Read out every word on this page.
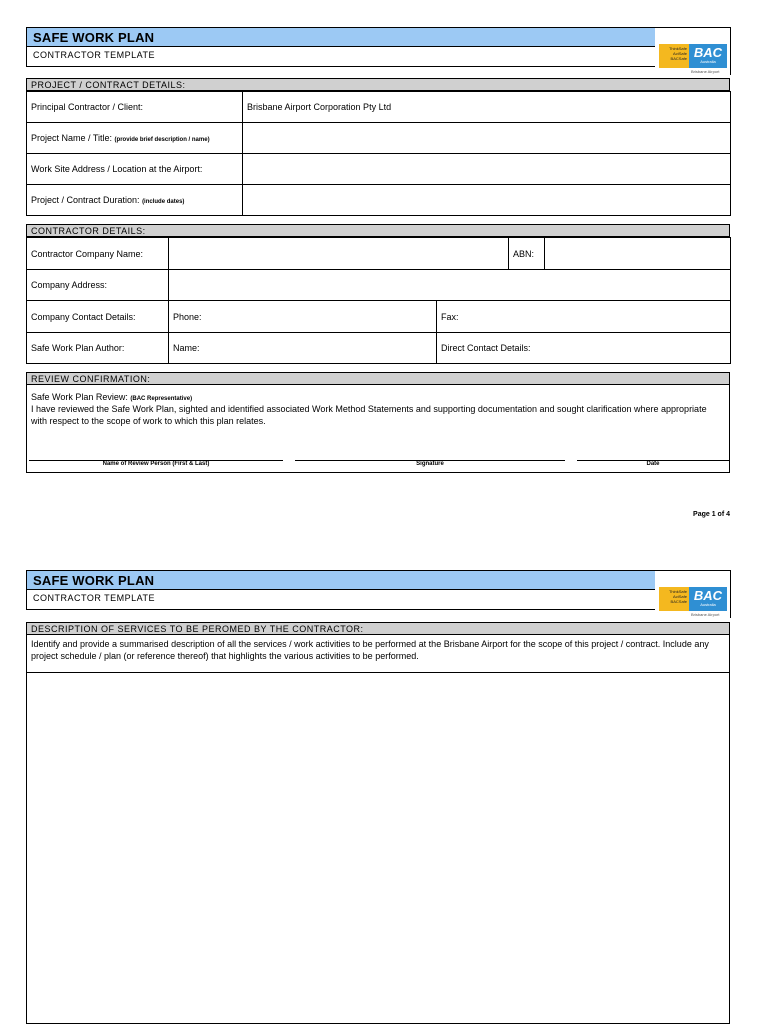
SAFE WORK PLAN
CONTRACTOR TEMPLATE
ThinkSafe
ActSafe
BACSafe BAC
Australia
Brisbane Airport
PROJECT / CONTRACT DETAILS:
Principal Contractor / Client:	Brisbane Airport Corporation Pty Ltd
Project Name / Title: (provide brief description / name)	
Work Site Address / Location at the Airport:	
Project / Contract Duration: (include dates)	
CONTRACTOR DETAILS:
Contractor Company Name:			ABN:	
Company Address:				
Company Contact Details:	Phone:	Fax:		
Safe Work Plan Author:	Name:	Direct Contact Details:		
REVIEW CONFIRMATION:
Safe Work Plan Review: (BAC Representative)
I have reviewed the Safe Work Plan, sighted and identified associated Work Method Statements and supporting documentation and sought clarification where appropriate with respect to the scope of work to which this plan relates.
Name of Review Person (First & Last)	Signature	Date
Page 1 of 4
SAFE WORK PLAN
CONTRACTOR TEMPLATE
ThinkSafe
ActSafe
BACSafe BAC
Australia
Brisbane Airport
DESCRIPTION OF SERVICES TO BE PEROMED BY THE CONTRACTOR:
Identify and provide a summarised description of all the services / work activities to be performed at the Brisbane Airport for the scope of this project / contract. Include any project schedule / plan (or reference thereof) that highlights the various activities to be performed.
